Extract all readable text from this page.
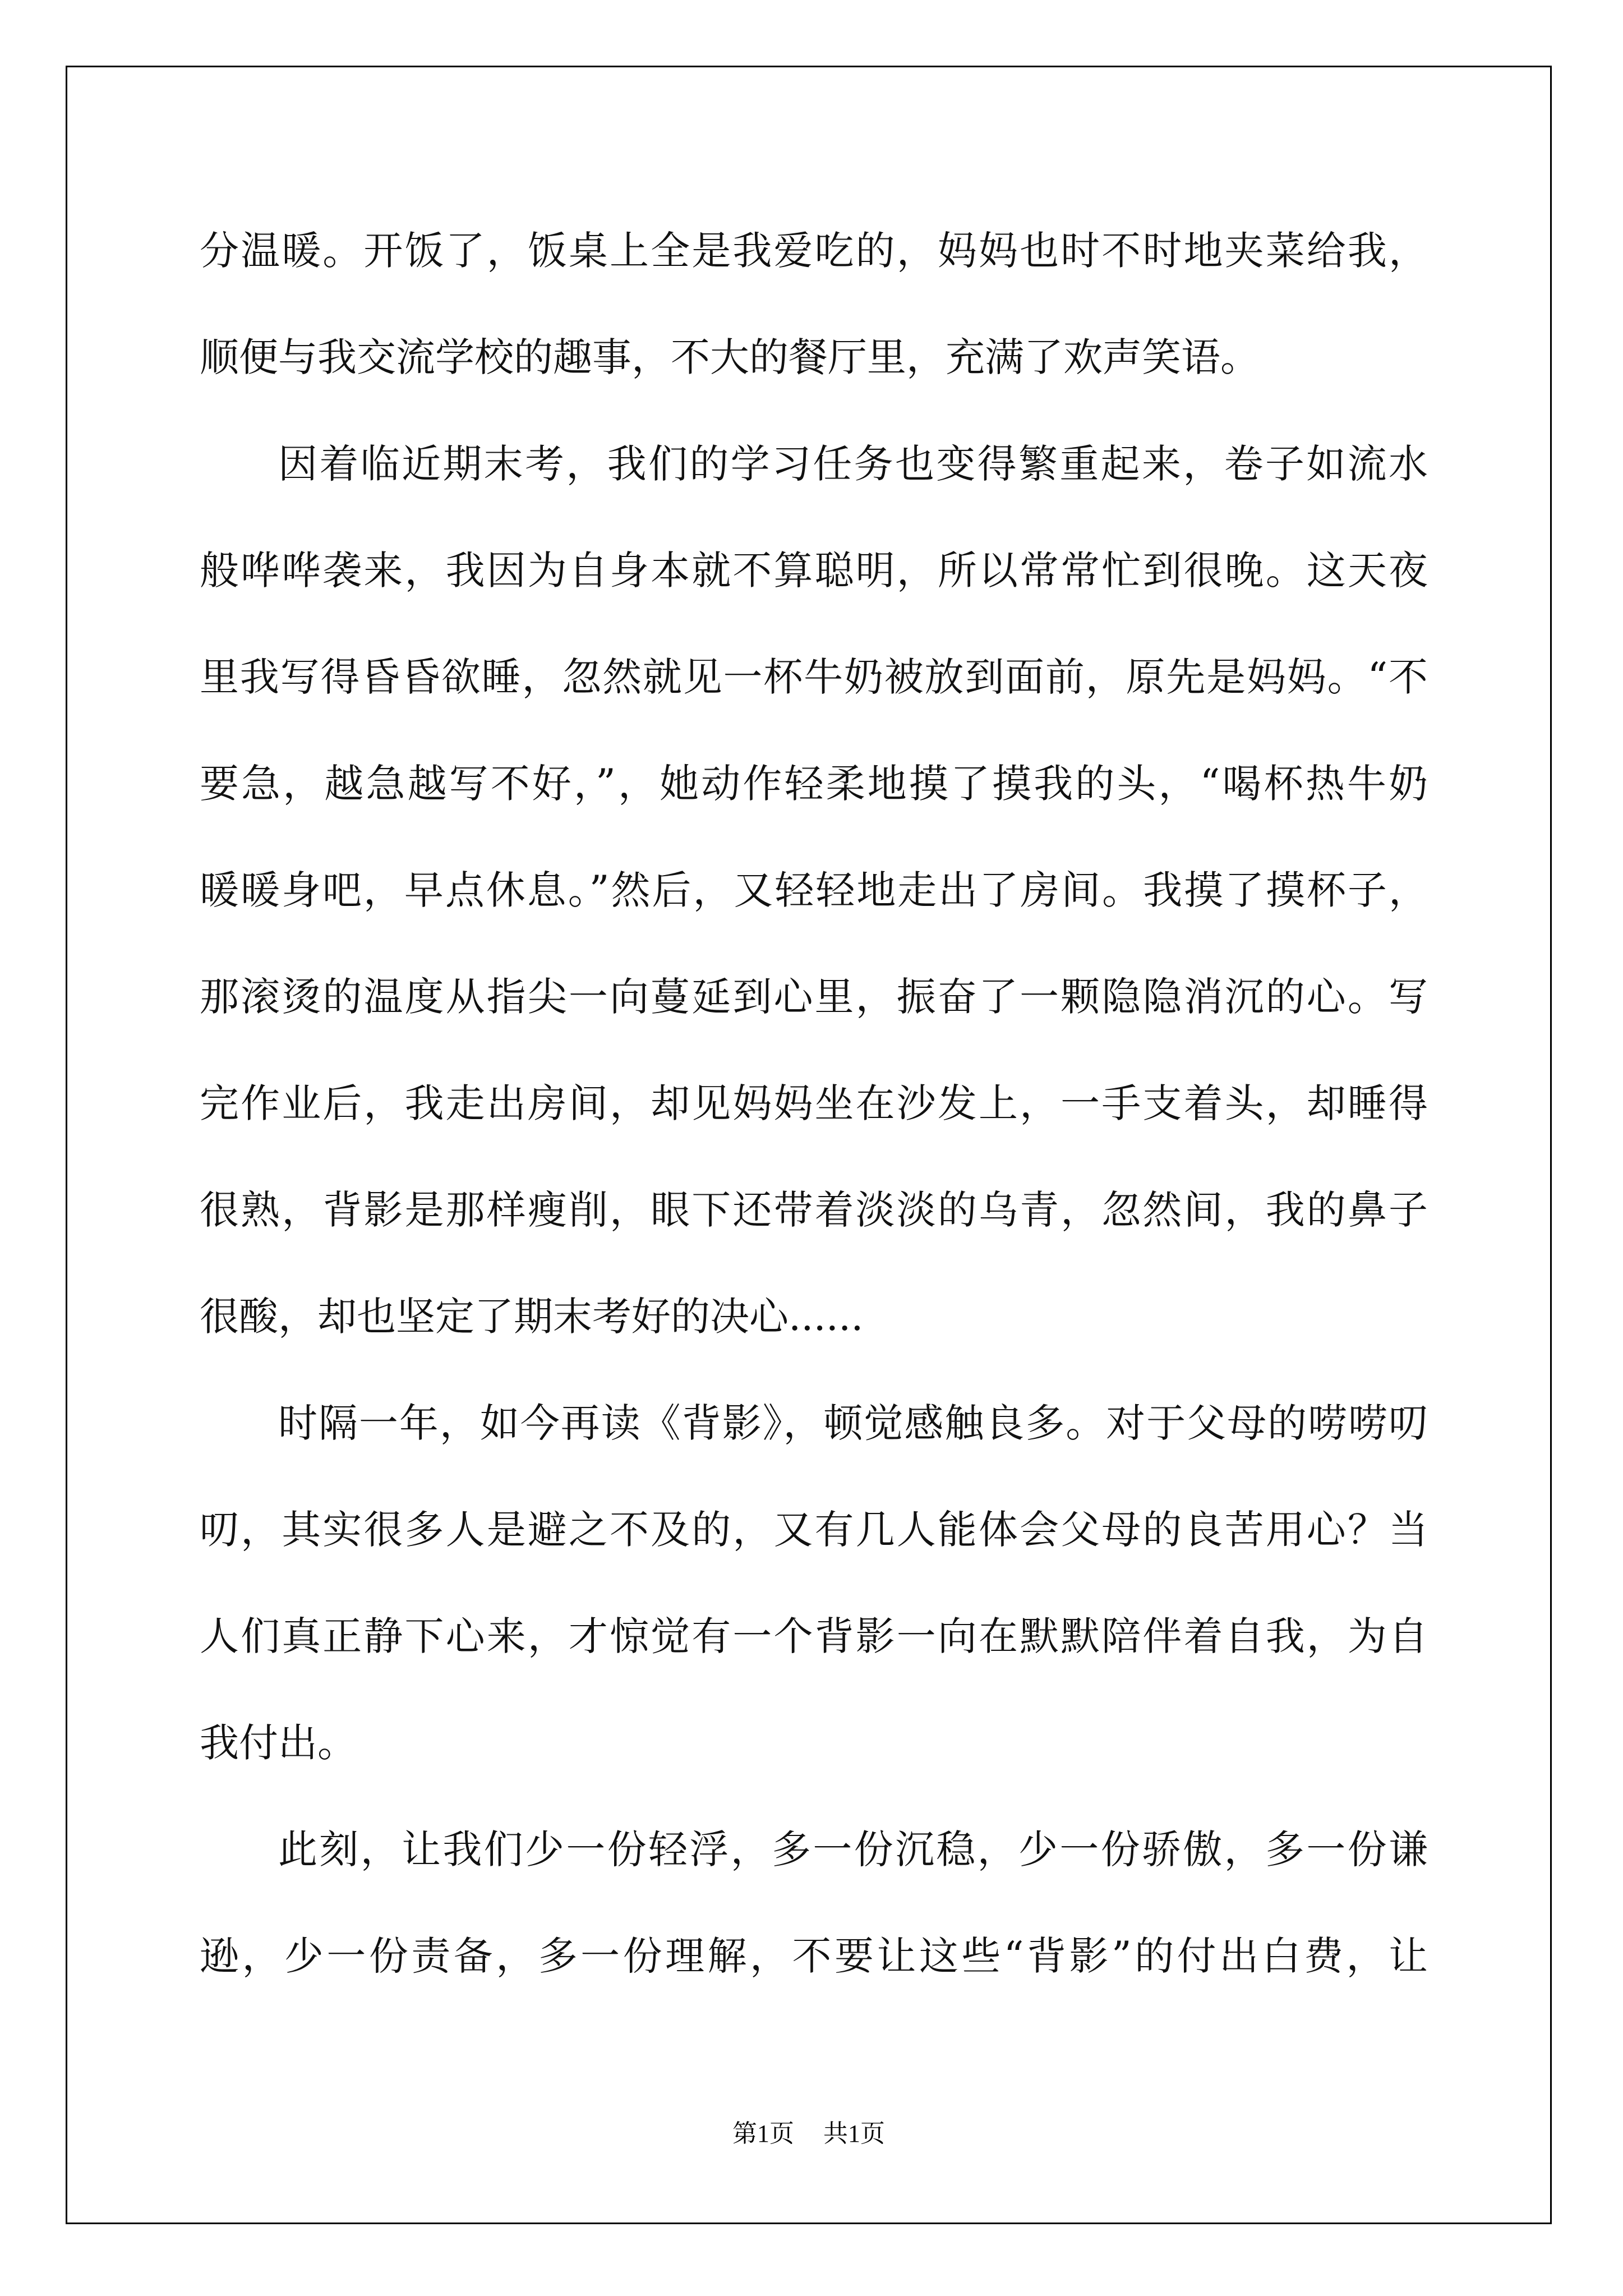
分温暖。开饭了，饭桌上全是我爱吃的，妈妈也时不时地夹菜给我，
顺便与我交流学校的趣事，不大的餐厅里，充满了欢声笑语。
因着临近期末考，我们的学习任务也变得繁重起来，卷子如流水
般哗哗袭来，我因为自身本就不算聪明，所以常常忙到很晚。这天夜
里我写得昏昏欲睡，忽然就见一杯牛奶被放到面前，原先是妈妈。“不
要急，越急越写不好，”，她动作轻柔地摸了摸我的头，“喝杯热牛奶
暖暖身吧，早点休息。”然后，又轻轻地走出了房间。我摸了摸杯子，
那滚烫的温度从指尖一向蔓延到心里，振奋了一颗隐隐消沉的心。写
完作业后，我走出房间，却见妈妈坐在沙发上，一手支着头，却睡得
很熟，背影是那样瘦削，眼下还带着淡淡的乌青，忽然间，我的鼻子
很酸，却也坚定了期末考好的决心......
时隔一年，如今再读《背影》，顿觉感触良多。对于父母的唠唠叨
叨，其实很多人是避之不及的，又有几人能体会父母的良苦用心？当
人们真正静下心来，才惊觉有一个背影一向在默默陪伴着自我，为自
我付出。
此刻，让我们少一份轻浮，多一份沉稳，少一份骄傲，多一份谦
逊，少一份责备，多一份理解，不要让这些“背影”的付出白费，让
第1页 共1页
